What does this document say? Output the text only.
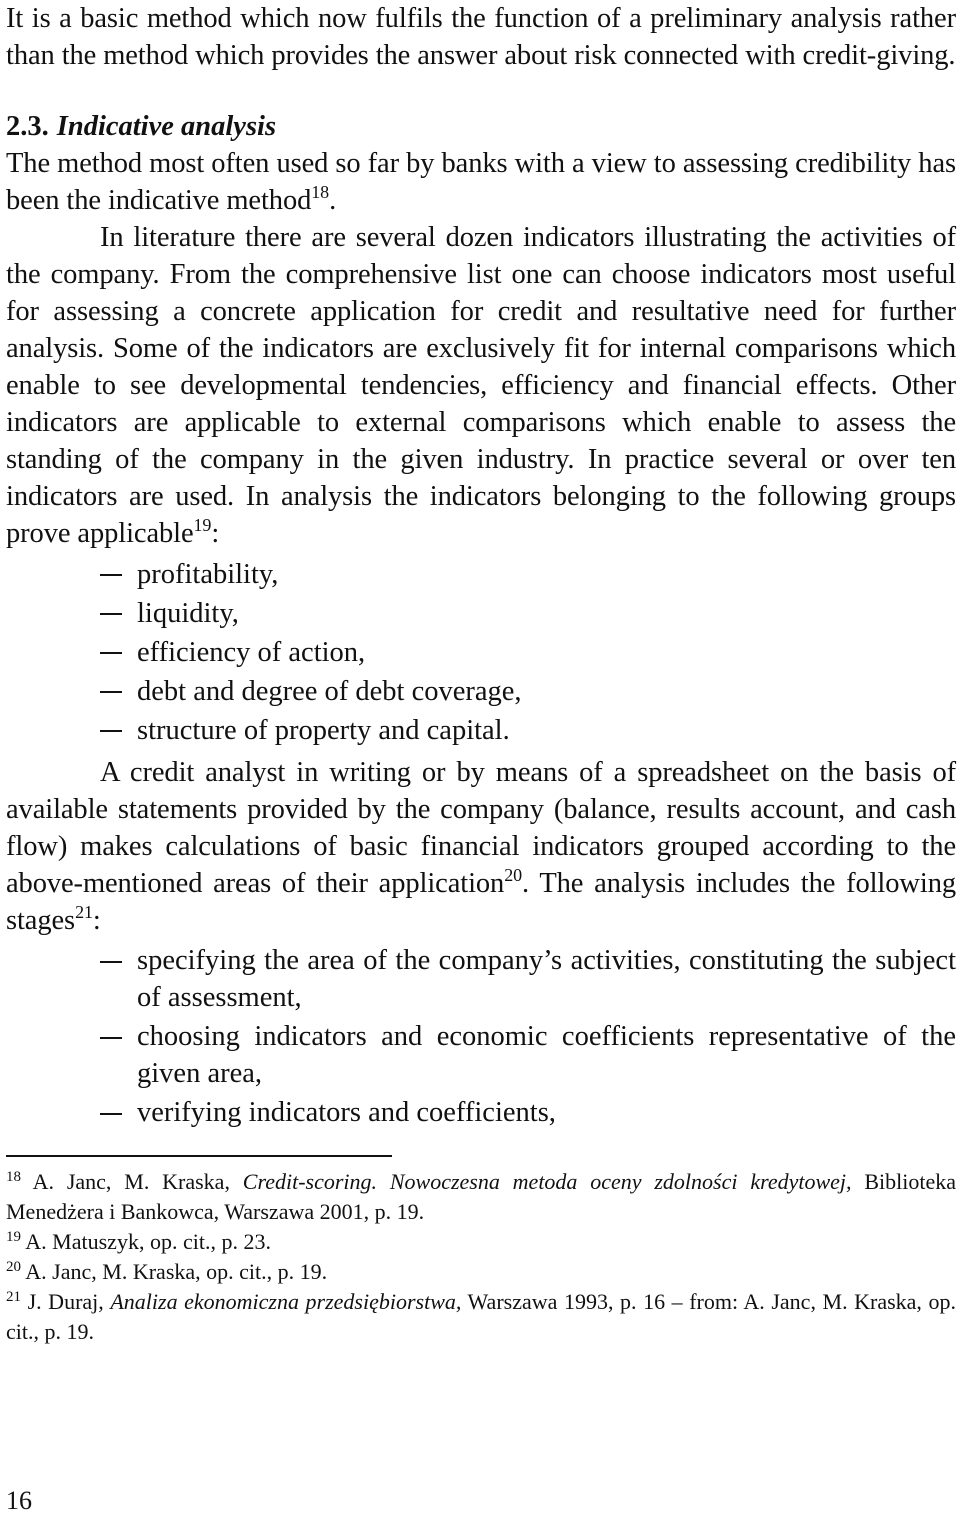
It is a basic method which now fulfils the function of a preliminary analysis rather than the method which provides the answer about risk connected with credit-giving.

2.3. Indicative analysis

The method most often used so far by banks with a view to assessing credibility has been the indicative method$^{18}$.

In literature there are several dozen indicators illustrating the activities of the company. From the comprehensive list one can choose indicators most useful for assessing a concrete application for credit and resultative need for further analysis. Some of the indicators are exclusively fit for internal comparisons which enable to see developmental tendencies, efficiency and financial effects. Other indicators are applicable to external comparisons which enable to assess the standing of the company in the given industry. In practice several or over ten indicators are used. In analysis the indicators belonging to the following groups prove applicable$^{19}$:

profitability,
liquidity,
efficiency of action,
debt and degree of debt coverage,
structure of property and capital.

A credit analyst in writing or by means of a spreadsheet on the basis of available statements provided by the company (balance, results account, and cash flow) makes calculations of basic financial indicators grouped according to the above-mentioned areas of their application$^{20}$. The analysis includes the following stages$^{21}$:

specifying the area of the company’s activities, constituting the subject of assessment,
choosing indicators and economic coefficients representative of the given area,
verifying indicators and coefficients,

$^{18}$ A. Janc, M. Kraska, Credit-scoring. Nowoczesna metoda oceny zdolności kredytowej, Biblioteka Menedżera i Bankowca, Warszawa 2001, p. 19.

$^{19}$ A. Matuszyk, op. cit., p. 23.

$^{20}$ A. Janc, M. Kraska, op. cit., p. 19.

$^{21}$ J. Duraj, Analiza ekonomiczna przedsiębiorstwa, Warszawa 1993, p. 16 – from: A. Janc, M. Kraska, op. cit., p. 19.

16
